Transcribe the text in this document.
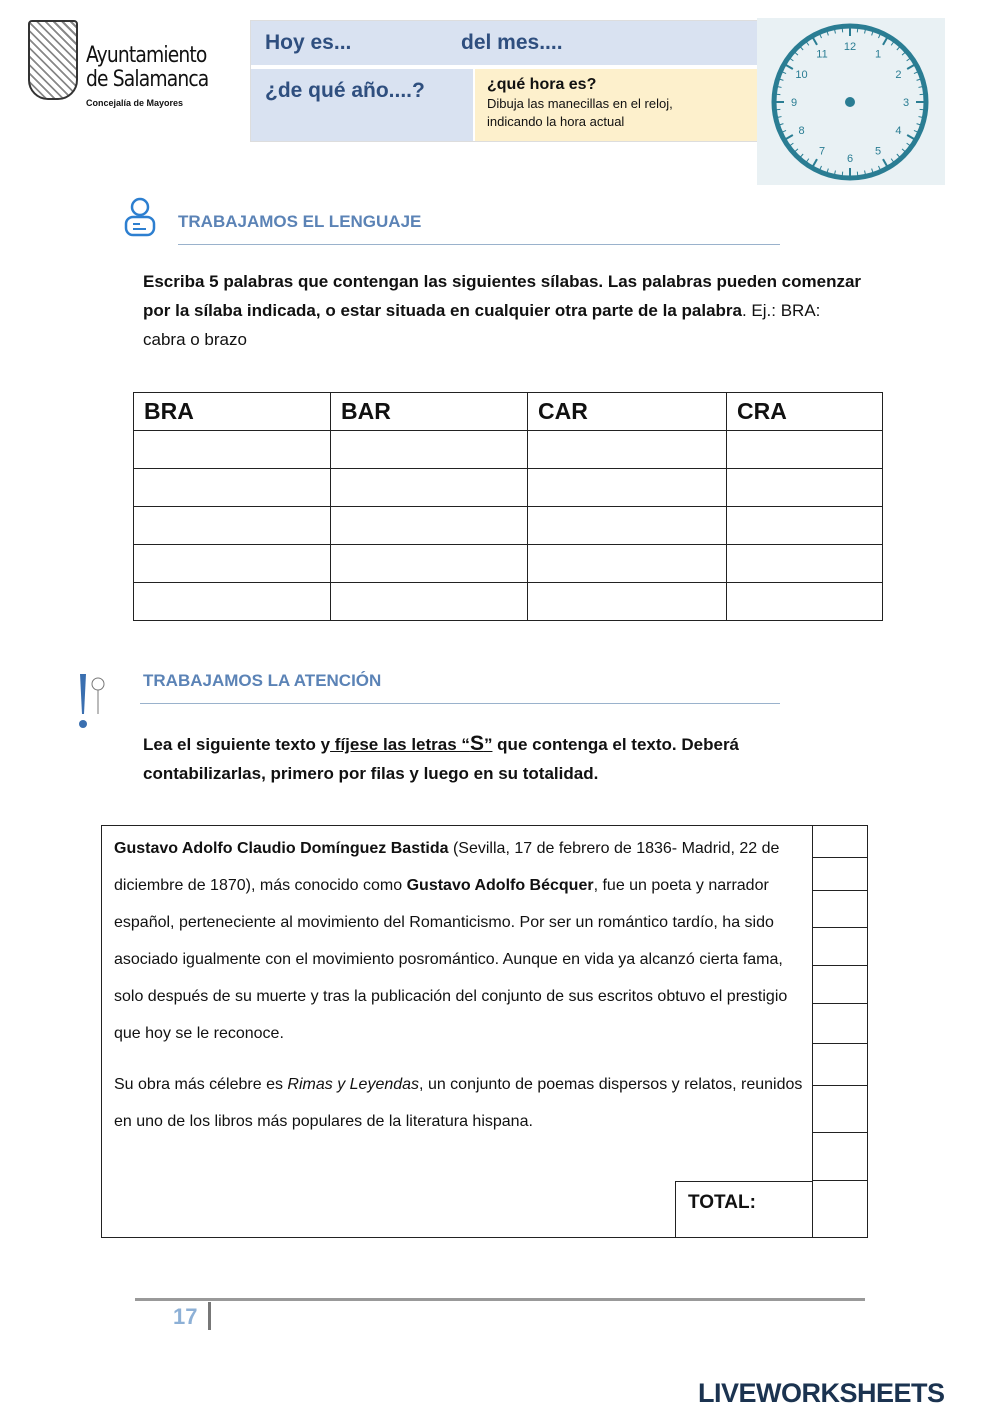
Ayuntamiento
de Salamanca
Concejalía de Mayores
Hoy es...	del mes....
¿de qué año....?	¿qué hora es?
Dibuja las manecillas en el reloj,
indicando la hora actual
12
1
2
3
4
5
6
7
8
9
10
11
TRABAJAMOS EL LENGUAJE
Escriba 5 palabras que contengan las siguientes sílabas. Las palabras pueden comenzar por la sílaba indicada, o estar situada en cualquier otra parte de la palabra. Ej.: BRA: cabra o brazo
BRA	BAR	CAR	CRA

TRABAJAMOS LA ATENCIÓN
Lea el siguiente texto y fíjese las letras “S” que contenga el texto. Deberá contabilizarlas, primero por filas y luego en su totalidad.
Gustavo Adolfo Claudio Domínguez Bastida (Sevilla, 17 de febrero de 1836- Madrid, 22 de diciembre de 1870), más conocido como Gustavo Adolfo Bécquer, fue un poeta y narrador español, perteneciente al movimiento del Romanticismo. Por ser un romántico tardío, ha sido asociado igualmente con el movimiento posromántico. Aunque en vida ya alcanzó cierta fama, solo después de su muerte y tras la publicación del conjunto de sus escritos obtuvo el prestigio que hoy se le reconoce.
Su obra más célebre es Rimas y Leyendas, un conjunto de poemas dispersos y relatos, reunidos en uno de los libros más populares de la literatura hispana.
TOTAL:
17
LIVEWORKSHEETS
